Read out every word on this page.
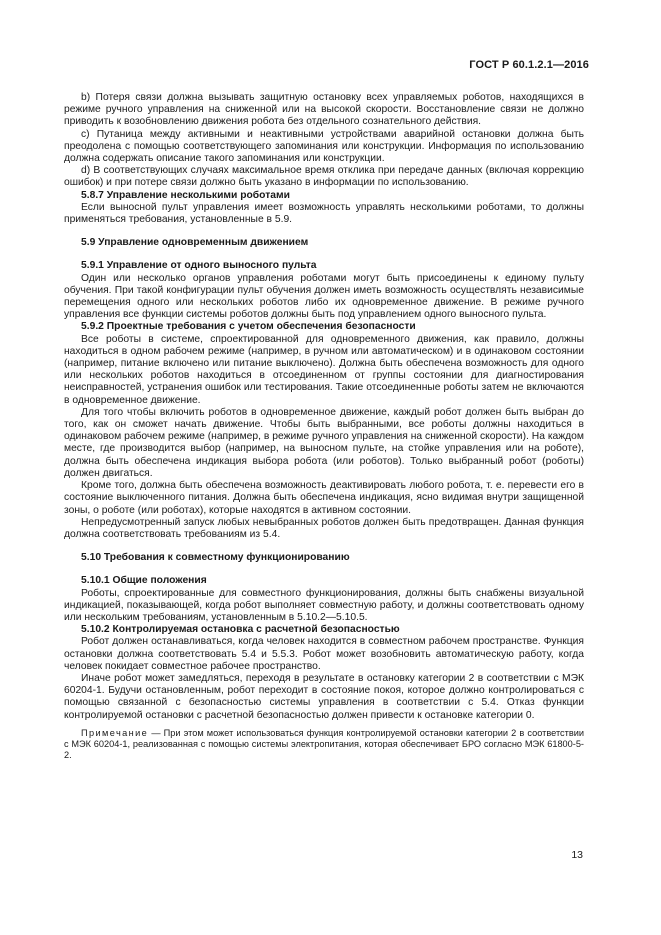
ГОСТ Р 60.1.2.1—2016

b) Потеря связи должна вызывать защитную остановку всех управляемых роботов, находящихся в режиме ручного управления на сниженной или на высокой скорости. Восстановление связи не должно приводить к возобновлению движения робота без отдельного сознательного действия.

c) Путаница между активными и неактивными устройствами аварийной остановки должна быть преодолена с помощью соответствующего запоминания или конструкции. Информация по использованию должна содержать описание такого запоминания или конструкции.

d) В соответствующих случаях максимальное время отклика при передаче данных (включая коррекцию ошибок) и при потере связи должно быть указано в информации по использованию.

5.8.7 Управление несколькими роботами

Если выносной пульт управления имеет возможность управлять несколькими роботами, то должны применяться требования, установленные в 5.9.

5.9 Управление одновременным движением

5.9.1 Управление от одного выносного пульта

Один или несколько органов управления роботами могут быть присоединены к единому пульту обучения. При такой конфигурации пульт обучения должен иметь возможность осуществлять независимые перемещения одного или нескольких роботов либо их одновременное движение. В режиме ручного управления все функции системы роботов должны быть под управлением одного выносного пульта.

5.9.2 Проектные требования с учетом обеспечения безопасности

Все роботы в системе, спроектированной для одновременного движения, как правило, должны находиться в одном рабочем режиме (например, в ручном или автоматическом) и в одинаковом состоянии (например, питание включено или питание выключено). Должна быть обеспечена возможность для одного или нескольких роботов находиться в отсоединенном от группы состоянии для диагностирования неисправностей, устранения ошибок или тестирования. Такие отсоединенные роботы затем не включаются в одновременное движение.

Для того чтобы включить роботов в одновременное движение, каждый робот должен быть выбран до того, как он сможет начать движение. Чтобы быть выбранными, все роботы должны находиться в одинаковом рабочем режиме (например, в режиме ручного управления на сниженной скорости). На каждом месте, где производится выбор (например, на выносном пульте, на стойке управления или на роботе), должна быть обеспечена индикация выбора робота (или роботов). Только выбранный робот (роботы) должен двигаться.

Кроме того, должна быть обеспечена возможность деактивировать любого робота, т. е. перевести его в состояние выключенного питания. Должна быть обеспечена индикация, ясно видимая внутри защищенной зоны, о роботе (или роботах), которые находятся в активном состоянии.

Непредусмотренный запуск любых невыбранных роботов должен быть предотвращен. Данная функция должна соответствовать требованиям из 5.4.

5.10 Требования к совместному функционированию

5.10.1 Общие положения

Роботы, спроектированные для совместного функционирования, должны быть снабжены визуальной индикацией, показывающей, когда робот выполняет совместную работу, и должны соответствовать одному или нескольким требованиям, установленным в 5.10.2—5.10.5.

5.10.2 Контролируемая остановка с расчетной безопасностью

Робот должен останавливаться, когда человек находится в совместном рабочем пространстве. Функция остановки должна соответствовать 5.4 и 5.5.3. Робот может возобновить автоматическую работу, когда человек покидает совместное рабочее пространство.

Иначе робот может замедляться, переходя в результате в остановку категории 2 в соответствии с МЭК 60204-1. Будучи остановленным, робот переходит в состояние покоя, которое должно контролироваться с помощью связанной с безопасностью системы управления в соответствии с 5.4. Отказ функции контролируемой остановки с расчетной безопасностью должен привести к остановке категории 0.

Примечание — При этом может использоваться функция контролируемой остановки категории 2 в соответствии с МЭК 60204-1, реализованная с помощью системы электропитания, которая обеспечивает БРО согласно МЭК 61800-5-2.

13
